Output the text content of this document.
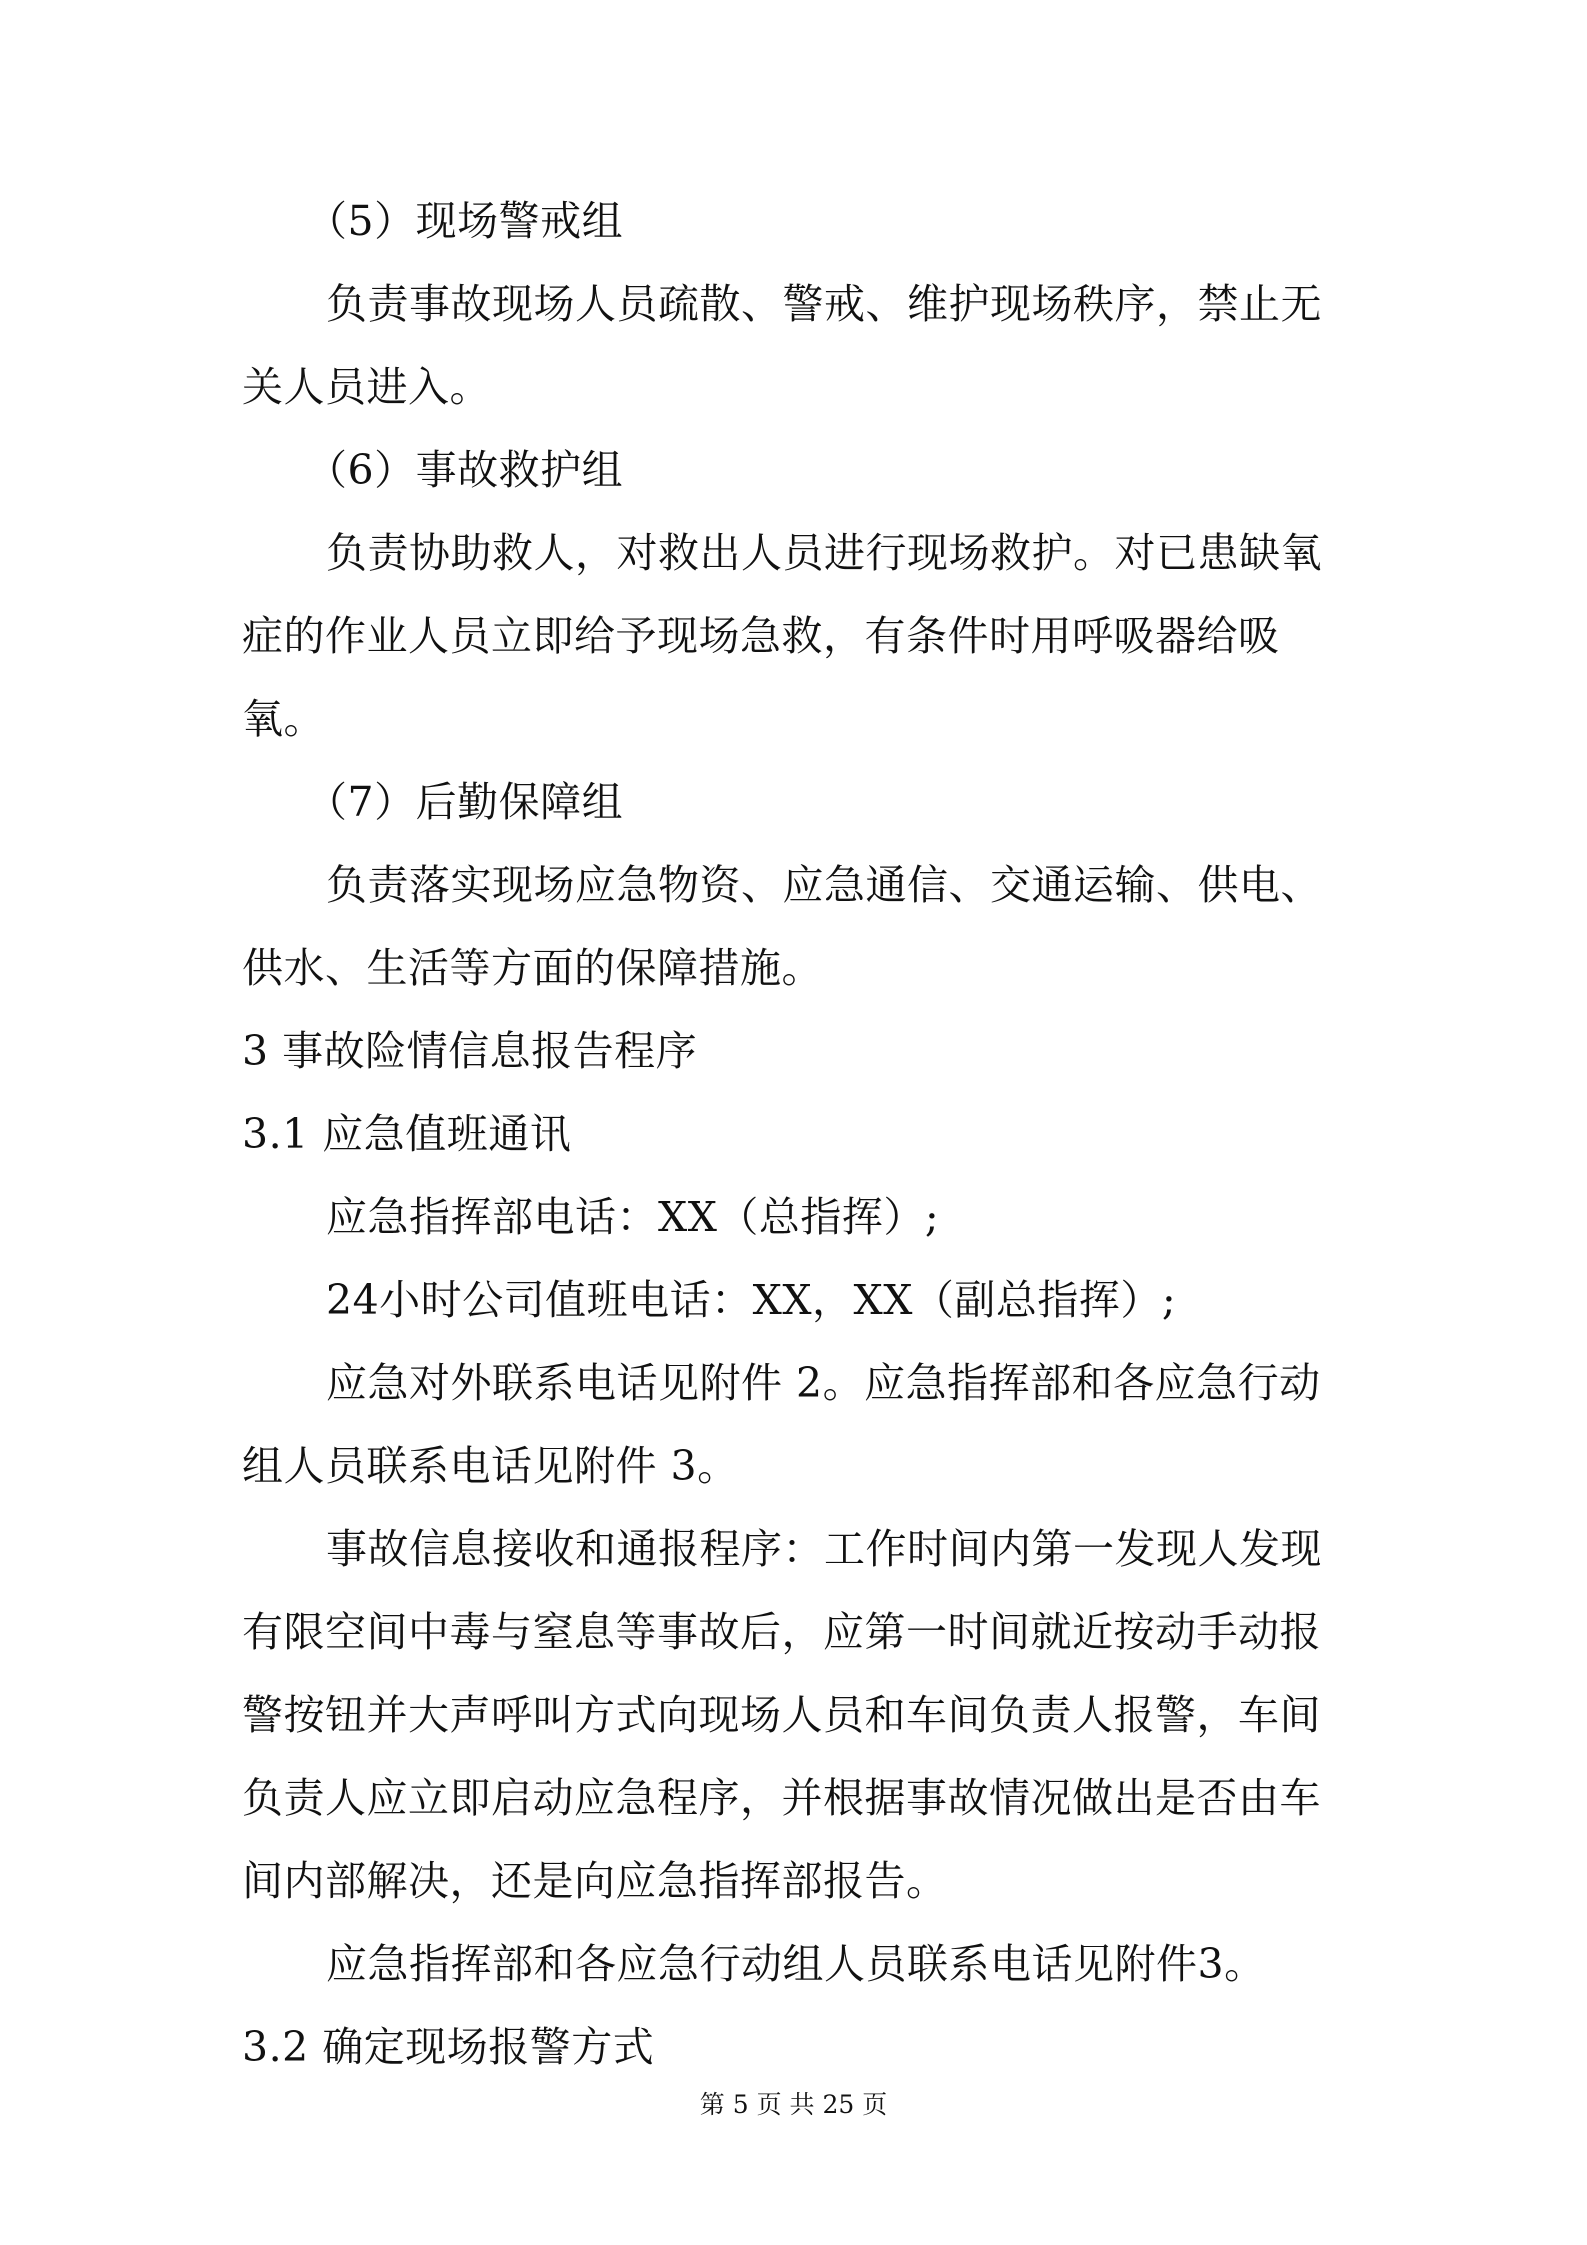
（5）现场警戒组
负责事故现场人员疏散、警戒、维护现场秩序，禁止无
关人员进入。
（6）事故救护组
负责协助救人，对救出人员进行现场救护。对已患缺氧
症的作业人员立即给予现场急救，有条件时用呼吸器给吸
氧。
（7）后勤保障组
负责落实现场应急物资、应急通信、交通运输、供电、
供水、生活等方面的保障措施。
3 事故险情信息报告程序
3.1 应急值班通讯
应急指挥部电话：XX（总指挥）;
24小时公司值班电话：XX，XX（副总指挥）;
应急对外联系电话见附件 2。应急指挥部和各应急行动
组人员联系电话见附件 3。
事故信息接收和通报程序：工作时间内第一发现人发现
有限空间中毒与窒息等事故后，应第一时间就近按动手动报
警按钮并大声呼叫方式向现场人员和车间负责人报警，车间
负责人应立即启动应急程序，并根据事故情况做出是否由车
间内部解决，还是向应急指挥部报告。
应急指挥部和各应急行动组人员联系电话见附件3。
3.2 确定现场报警方式
第 5 页 共 25 页
